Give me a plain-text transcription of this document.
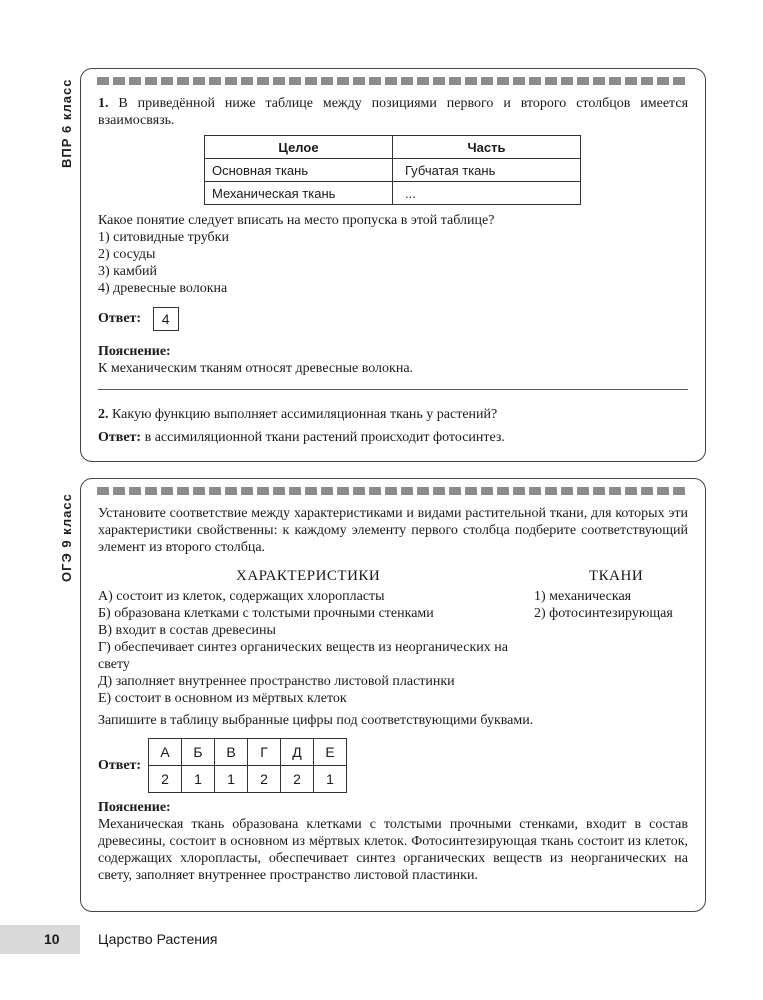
ВПР 6 класс
ОГЭ 9 класс

1. В приведённой ниже таблице между позициями первого и второго столбцов имеется взаимосвязь.

Целое	Часть
Основная ткань	Губчатая ткань
Механическая ткань	...

Какое понятие следует вписать на место пропуска в этой таблице?

1) ситовидные трубки
2) сосуды
3) камбий
4) древесные волокна
Ответ: 4
Пояснение:
К механическим тканям относят древесные волокна.

2. Какую функцию выполняет ассимиляционная ткань у растений?

Ответ: в ассимиляционной ткани растений происходит фотосинтез.

Установите соответствие между характеристиками и видами растительной ткани, для которых эти характеристики свойственны: к каждому элементу первого столбца подберите соответствующий элемент из второго столбца.

ХАРАКТЕРИСТИКИ	ТКАНИ
А) состоит из клеток, содержащих хлоропласты
Б) образована клетками с толстыми прочными стенками
В) входит в состав древесины
Г) обеспечивает синтез органических веществ из неорганических на свету
Д) заполняет внутреннее пространство листовой пластинки
Е) состоит в основном из мёртвых клеток
1) механическая
2) фотосинтезирующая

Запишите в таблицу выбранные цифры под соответствующими буквами.

Ответ:
А	Б	В	Г	Д	Е
2	1	1	2	2	1
Пояснение:

Механическая ткань образована клетками с толстыми прочными стенками, входит в состав древесины, состоит в основном из мёртвых клеток. Фотосинтезирующая ткань состоит из клеток, содержащих хлоропласты, обеспечивает синтез органических веществ из неорганических на свету, заполняет внутреннее пространство листовой пластинки.

10	Царство Растения
